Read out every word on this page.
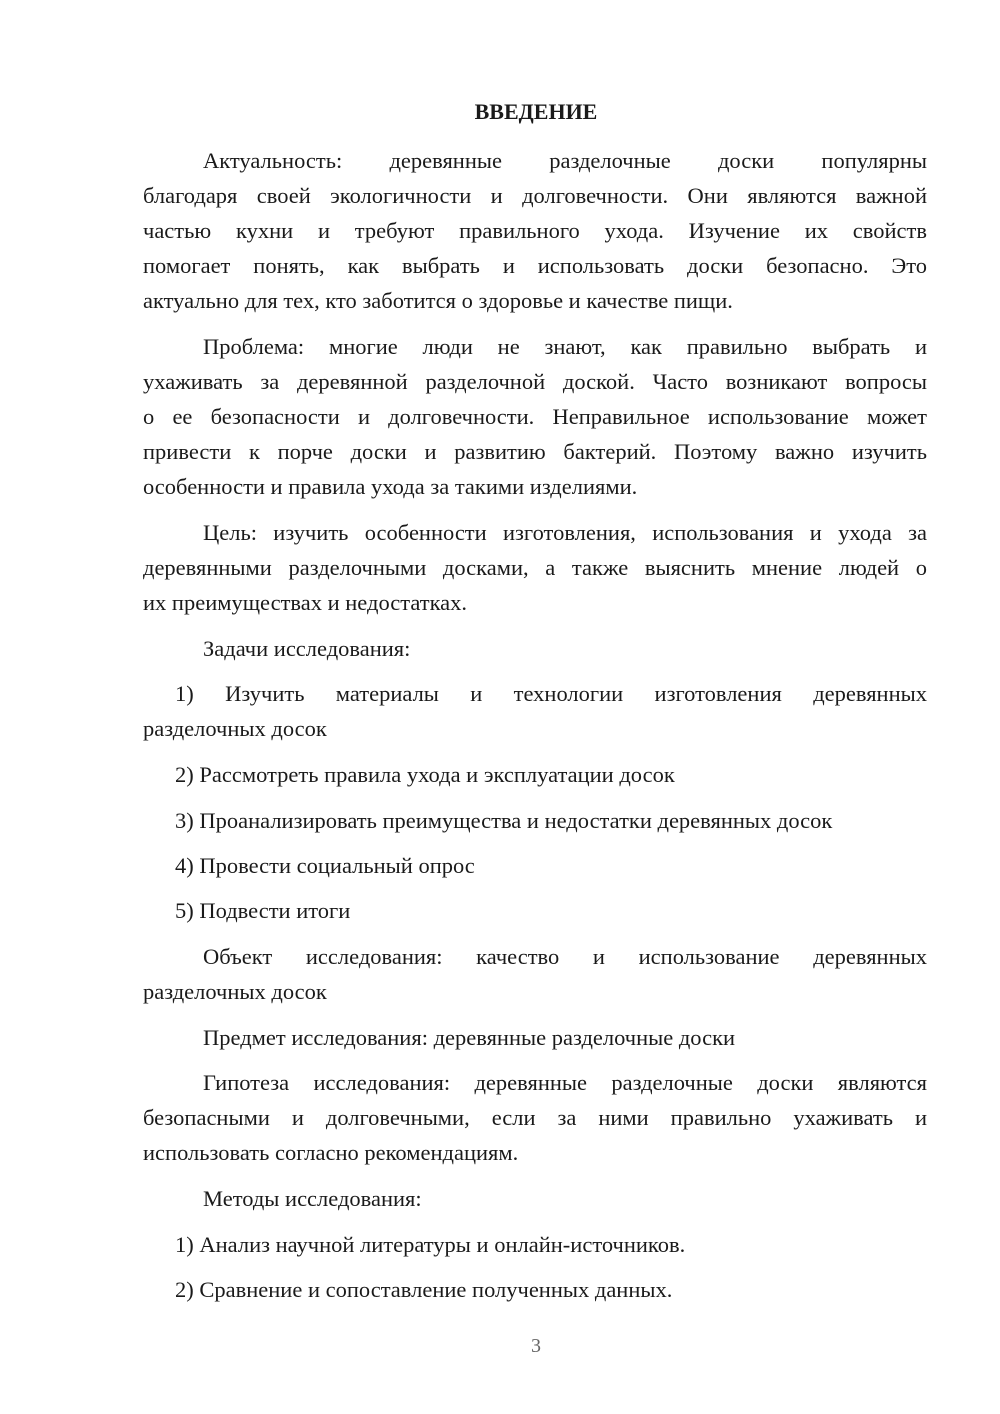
ВВЕДЕНИЕ
Актуальность: деревянные разделочные доски популярны
благодаря своей экологичности и долговечности. Они являются важной
частью кухни и требуют правильного ухода. Изучение их свойств
помогает понять, как выбрать и использовать доски безопасно. Это
актуально для тех, кто заботится о здоровье и качестве пищи.
Проблема: многие люди не знают, как правильно выбрать и
ухаживать за деревянной разделочной доской. Часто возникают вопросы
о ее безопасности и долговечности. Неправильное использование может
привести к порче доски и развитию бактерий. Поэтому важно изучить
особенности и правила ухода за такими изделиями.
Цель: изучить особенности изготовления, использования и ухода за
деревянными разделочными досками, а также выяснить мнение людей о
их преимуществах и недостатках.

Задачи исследования:

1) Изучить материалы и технологии изготовления деревянных
разделочных досок

2) Рассмотреть правила ухода и эксплуатации досок

3) Проанализировать преимущества и недостатки деревянных досок

4) Провести социальный опрос

5) Подвести итоги

Объект исследования: качество и использование деревянных
разделочных досок

Предмет исследования: деревянные разделочные доски

Гипотеза исследования: деревянные разделочные доски являются
безопасными и долговечными, если за ними правильно ухаживать и
использовать согласно рекомендациям.

Методы исследования:

1) Анализ научной литературы и онлайн-источников.

2) Сравнение и сопоставление полученных данных.

3
